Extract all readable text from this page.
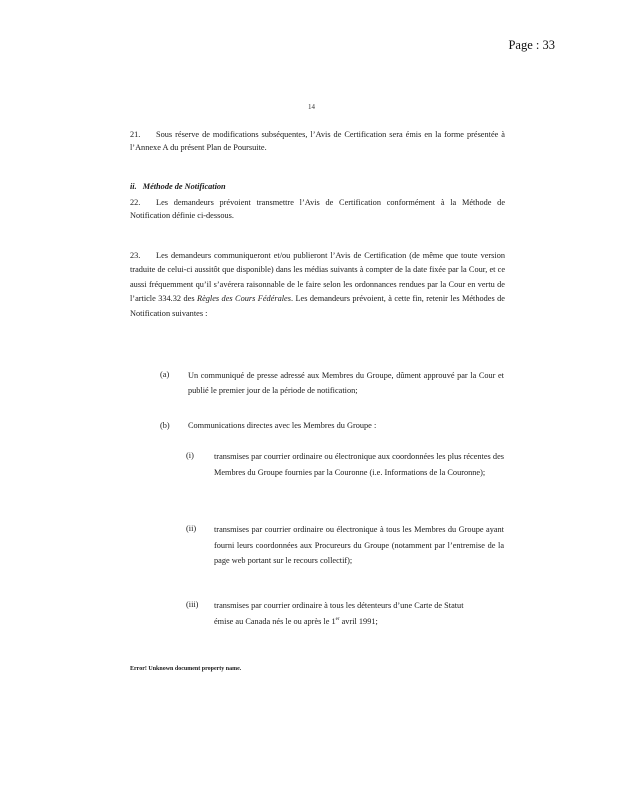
Page : 33
14
21. Sous réserve de modifications subséquentes, l’Avis de Certification sera émis en la forme présentée à l’Annexe A du présent Plan de Poursuite.
ii. Méthode de Notification
22. Les demandeurs prévoient transmettre l’Avis de Certification conformément à la Méthode de Notification définie ci-dessous.
23. Les demandeurs communiqueront et/ou publieront l’Avis de Certification (de même que toute version traduite de celui-ci aussitôt que disponible) dans les médias suivants à compter de la date fixée par la Cour, et ce aussi fréquemment qu’il s’avérera raisonnable de le faire selon les ordonnances rendues par la Cour en vertu de l’article 334.32 des Règles des Cours Fédérales. Les demandeurs prévoient, à cette fin, retenir les Méthodes de Notification suivantes :
(a) Un communiqué de presse adressé aux Membres du Groupe, dûment approuvé par la Cour et publié le premier jour de la période de notification;
(b) Communications directes avec les Membres du Groupe :
(i) transmises par courrier ordinaire ou électronique aux coordonnées les plus récentes des Membres du Groupe fournies par la Couronne (i.e. Informations de la Couronne);
(ii) transmises par courrier ordinaire ou électronique à tous les Membres du Groupe ayant fourni leurs coordonnées aux Procureurs du Groupe (notamment par l’entremise de la page web portant sur le recours collectif);
(iii) transmises par courrier ordinaire à tous les détenteurs d’une Carte de Statut
émise au Canada nés le ou après le 1er avril 1991;
Error! Unknown document property name.
